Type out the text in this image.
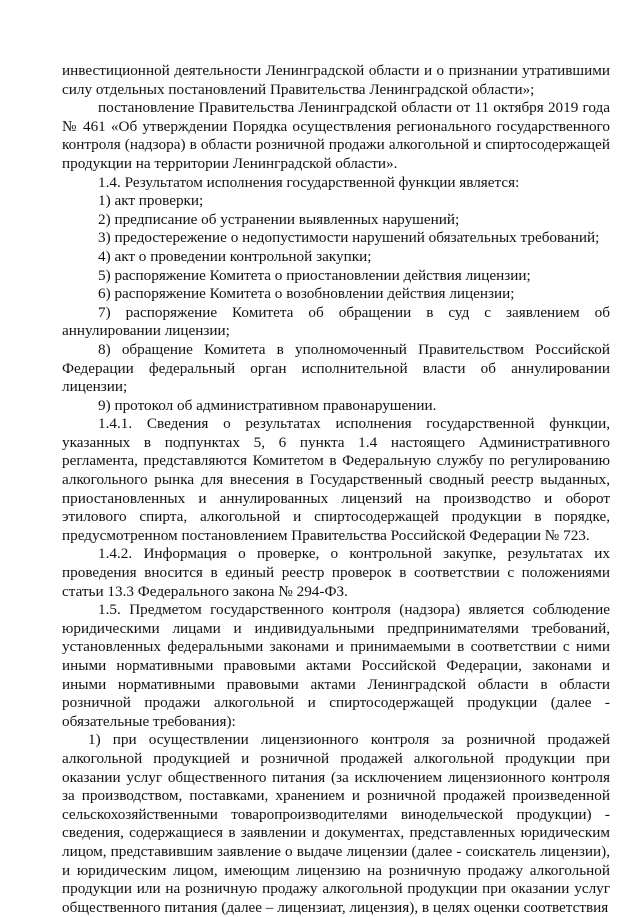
инвестиционной деятельности Ленинградской области и о признании утратившими силу отдельных постановлений Правительства Ленинградской области»;

постановление Правительства Ленинградской области от 11 октября 2019 года № 461 «Об утверждении Порядка осуществления регионального государственного контроля (надзора) в области розничной продажи алкогольной и спиртосодержащей продукции на территории Ленинградской области».

1.4. Результатом исполнения государственной функции является:

1) акт проверки;

2) предписание об устранении выявленных нарушений;

3) предостережение о недопустимости нарушений обязательных требований;

4) акт о проведении контрольной закупки;

5) распоряжение Комитета о приостановлении действия лицензии;

6) распоряжение Комитета о возобновлении действия лицензии;

7) распоряжение Комитета об обращении в суд с заявлением об аннулировании лицензии;

8) обращение Комитета в уполномоченный Правительством Российской Федерации федеральный орган исполнительной власти об аннулировании лицензии;

9) протокол об административном правонарушении.

1.4.1. Сведения о результатах исполнения государственной функции, указанных в подпунктах 5, 6 пункта 1.4 настоящего Административного регламента, представляются Комитетом в Федеральную службу по регулированию алкогольного рынка для внесения в Государственный сводный реестр выданных, приостановленных и аннулированных лицензий на производство и оборот этилового спирта, алкогольной и спиртосодержащей продукции в порядке, предусмотренном постановлением Правительства Российской Федерации № 723.

1.4.2. Информация о проверке, о контрольной закупке, результатах их проведения вносится в единый реестр проверок в соответствии с положениями статьи 13.3 Федерального закона № 294-ФЗ.

1.5. Предметом государственного контроля (надзора) является соблюдение юридическими лицами и индивидуальными предпринимателями требований, установленных федеральными законами и принимаемыми в соответствии с ними иными нормативными правовыми актами Российской Федерации, законами и иными нормативными правовыми актами Ленинградской области в области розничной продажи алкогольной и спиртосодержащей продукции (далее - обязательные требования):

1) при осуществлении лицензионного контроля за розничной продажей алкогольной продукцией и розничной продажей алкогольной продукции при оказании услуг общественного питания (за исключением лицензионного контроля за производством, поставками, хранением и розничной продажей произведенной сельскохозяйственными товаропроизводителями винодельческой продукции) - сведения, содержащиеся в заявлении и документах, представленных юридическим лицом, представившим заявление о выдаче лицензии (далее - соискатель лицензии), и юридическим лицом, имеющим лицензию на розничную продажу алкогольной продукции или на розничную продажу алкогольной продукции при оказании услуг общественного питания (далее – лицензиат, лицензия), в целях оценки соответствия
